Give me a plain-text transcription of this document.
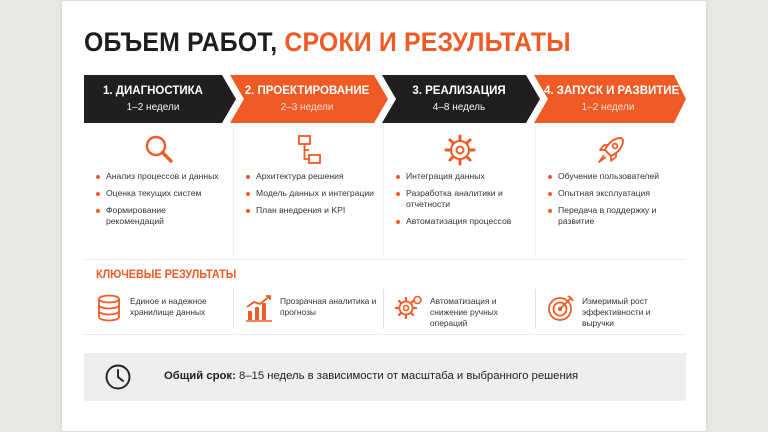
ОБЪЕМ РАБОТ, СРОКИ И РЕЗУЛЬТАТЫ
1. ДИАГНОСТИКА
1–2 недели
2. ПРОЕКТИРОВАНИЕ
2–3 недели
3. РЕАЛИЗАЦИЯ
4–8 недель
4. ЗАПУСК И РАЗВИТИЕ
1–2 недели
Анализ процессов и данных
Оценка текущих систем
Формирование рекомендаций
Архитектура решения
Модель данных и интеграции
План внедрения и KPI
Интеграция данных
Разработка аналитики и отчетности
Автоматизация процессов
Обучение пользователей
Опытная эксплуатация
Передача в поддержку и развитие
КЛЮЧЕВЫЕ РЕЗУЛЬТАТЫ
Единое и надежное хранилище данных
Прозрачная аналитика и прогнозы
Автоматизация и снижение ручных операций
Измеримый рост эффективности и выручки
Общий срок: 8–15 недель в зависимости от масштаба и выбранного решения
